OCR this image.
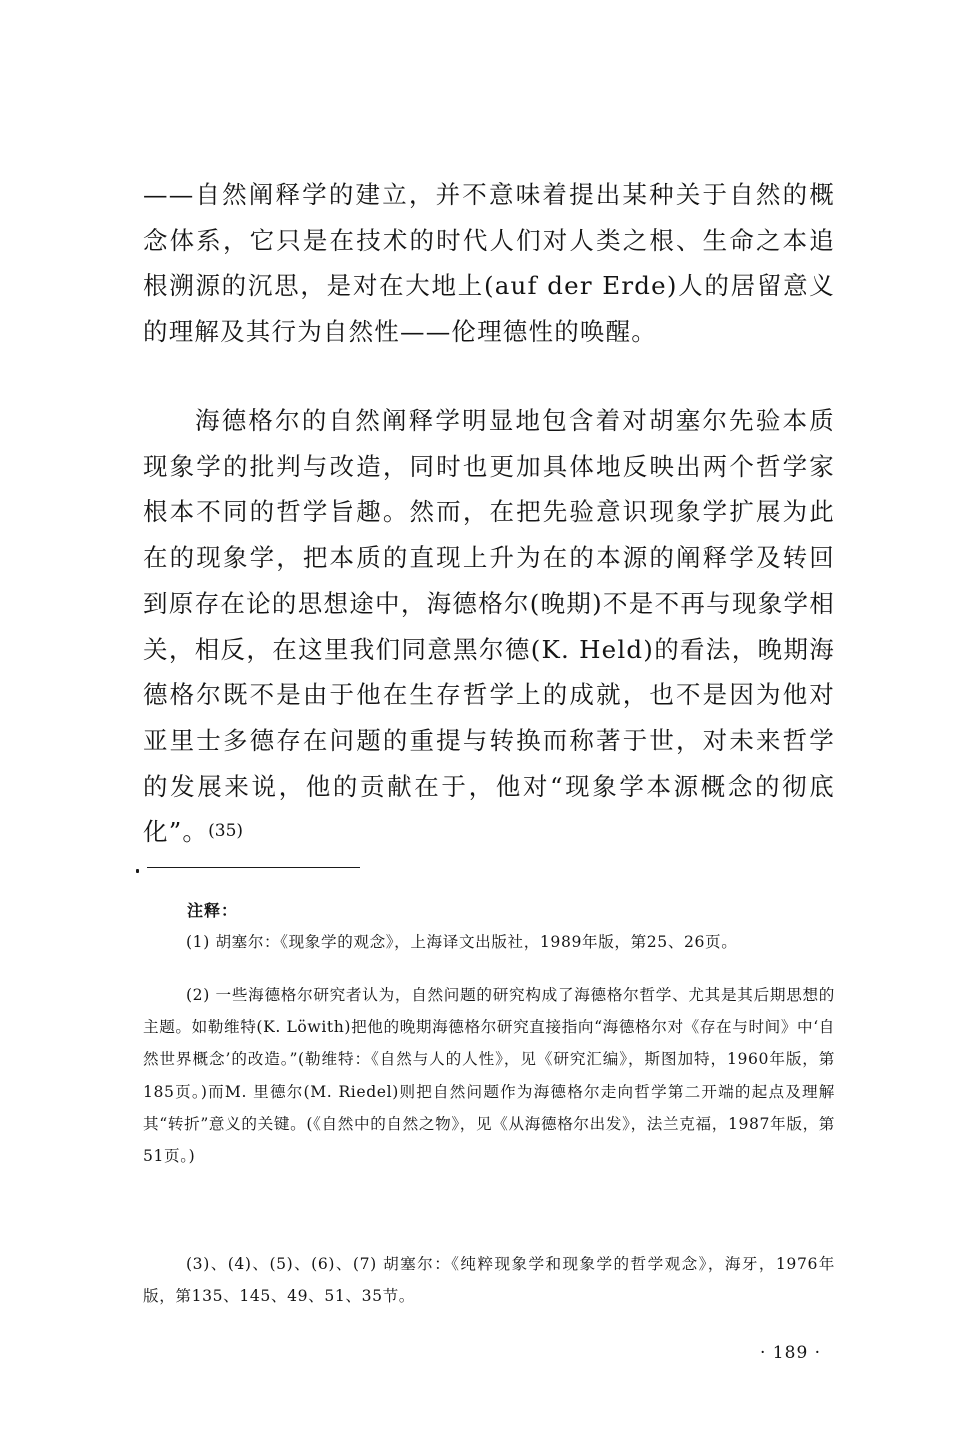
——自然阐释学的建立，并不意味着提出某种关于自然的概念体系，它只是在技术的时代人们对人类之根、生命之本追根溯源的沉思，是对在大地上(auf der Erde)人的居留意义的理解及其行为自然性——伦理德性的唤醒。

海德格尔的自然阐释学明显地包含着对胡塞尔先验本质现象学的批判与改造，同时也更加具体地反映出两个哲学家根本不同的哲学旨趣。然而，在把先验意识现象学扩展为此在的现象学，把本质的直现上升为在的本源的阐释学及转回到原存在论的思想途中，海德格尔(晚期)不是不再与现象学相关，相反，在这里我们同意黑尔德(K. Held)的看法，晚期海德格尔既不是由于他在生存哲学上的成就，也不是因为他对亚里士多德存在问题的重提与转换而称著于世，对未来哲学的发展来说，他的贡献在于，他对“现象学本源概念的彻底化”。(35)

注释：

(1) 胡塞尔：《现象学的观念》，上海译文出版社，1989年版，第25、26页。

(2) 一些海德格尔研究者认为，自然问题的研究构成了海德格尔哲学、尤其是其后期思想的主题。如勒维特(K. Löwith)把他的晚期海德格尔研究直接指向“海德格尔对《存在与时间》中‘自然世界概念’的改造。”(勒维特：《自然与人的人性》，见《研究汇编》，斯图加特，1960年版，第185页。)而M. 里德尔(M. Riedel)则把自然问题作为海德格尔走向哲学第二开端的起点及理解其“转折”意义的关键。(《自然中的自然之物》，见《从海德格尔出发》，法兰克福，1987年版，第51页。)

(3)、(4)、(5)、(6)、(7) 胡塞尔：《纯粹现象学和现象学的哲学观念》，海牙，1976年版，第135、145、49、51、35节。

· 189 ·
